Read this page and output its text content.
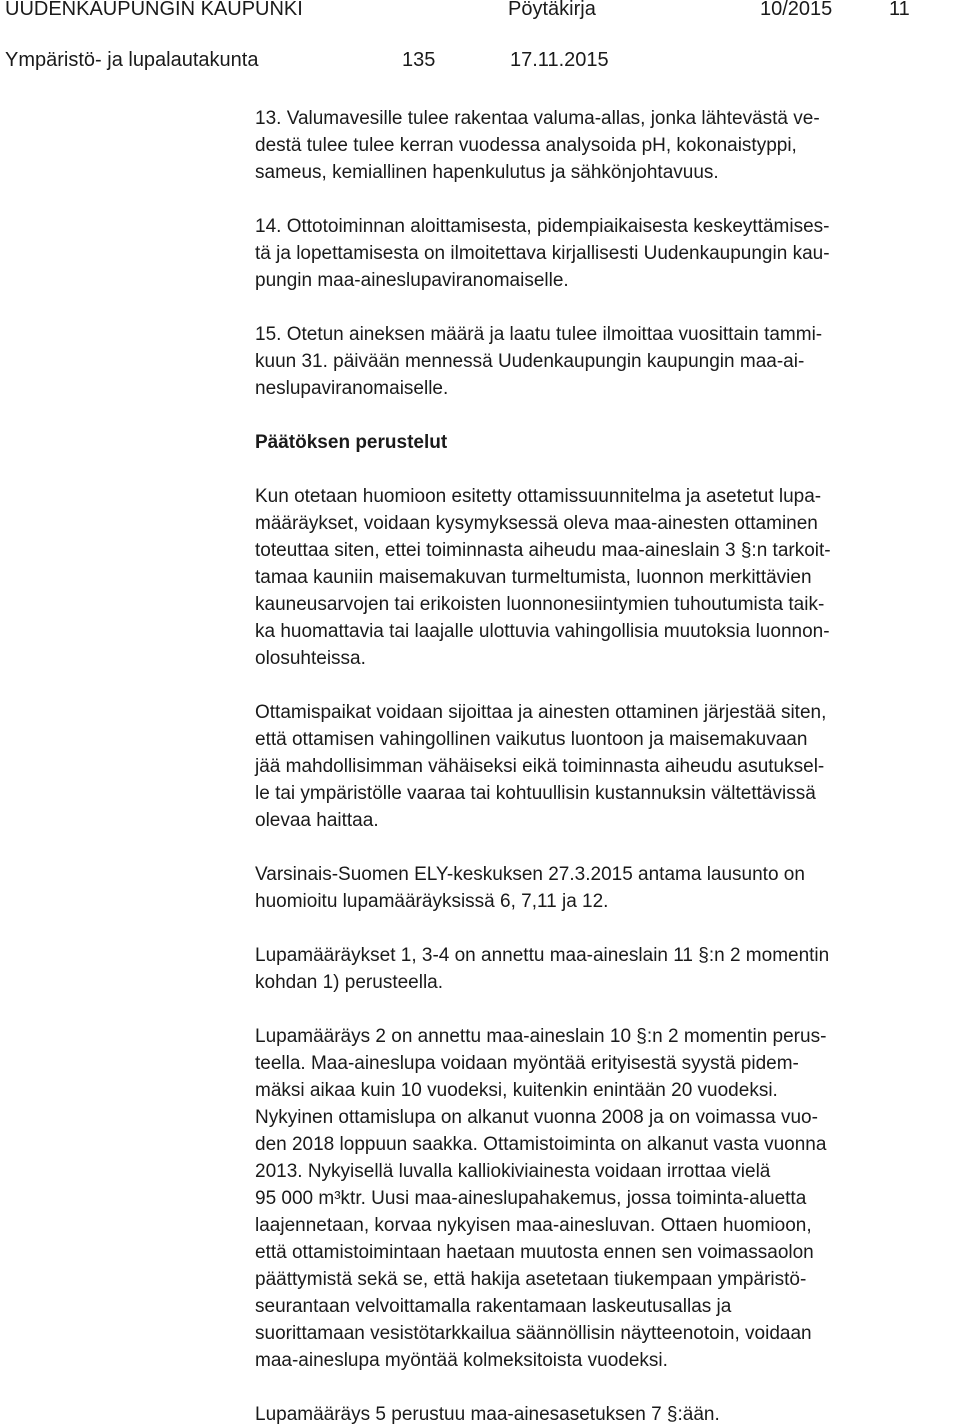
UUDENKAUPUNGIN KAUPUNKI	Pöytäkirja	10/2015	11

Ympäristö- ja lupalautakunta	135	17.11.2015

13. Valumavesille tulee rakentaa valuma-allas, jonka lähtevästä ve-
destä tulee tulee kerran vuodessa analysoida pH, kokonaistyppi,
sameus, kemiallinen hapenkulutus ja sähkönjohtavuus.

14. Ottotoiminnan aloittamisesta, pidempiaikaisesta keskeyttämises-
tä ja lopettamisesta on ilmoitettava kirjallisesti Uudenkaupungin kau-
pungin maa-aineslupaviranomaiselle.

15. Otetun aineksen määrä ja laatu tulee ilmoittaa vuosittain tammi-
kuun 31. päivään mennessä Uudenkaupungin kaupungin maa-ai-
neslupaviranomaiselle.

Päätöksen perustelut

Kun otetaan huomioon esitetty ottamissuunnitelma ja asetetut lupa-
määräykset, voidaan kysymyksessä oleva maa-ainesten ottaminen
toteuttaa siten, ettei toiminnasta aiheudu maa-aineslain 3 §:n tarkoit-
tamaa kauniin maisemakuvan turmeltumista, luonnon merkittävien
kauneusarvojen tai erikoisten luonnonesiintymien tuhoutumista taik-
ka huomattavia tai laajalle ulottuvia vahingollisia muutoksia luonnon-
olosuhteissa.

Ottamispaikat voidaan sijoittaa ja ainesten ottaminen järjestää siten,
että ottamisen vahingollinen vaikutus luontoon ja maisemakuvaan
jää mahdollisimman vähäiseksi eikä toiminnasta aiheudu asutuksel-
le tai ympäristölle vaaraa tai kohtuullisin kustannuksin vältettävissä
olevaa haittaa.

Varsinais-Suomen ELY-keskuksen 27.3.2015 antama lausunto on
huomioitu lupamääräyksissä 6, 7,11 ja 12.

Lupamääräykset 1, 3-4 on annettu maa-aineslain 11 §:n 2 momentin
kohdan 1) perusteella.

Lupamääräys 2 on annettu maa-aineslain 10 §:n 2 momentin perus-
teella. Maa-aineslupa voidaan myöntää erityisestä syystä pidem-
mäksi aikaa kuin 10 vuodeksi, kuitenkin enintään 20 vuodeksi.
Nykyinen ottamislupa on alkanut vuonna 2008 ja on voimassa vuo-
den 2018 loppuun saakka. Ottamistoiminta on alkanut vasta vuonna
2013. Nykyisellä luvalla kalliokiviainesta voidaan irrottaa vielä
95 000 m³ktr. Uusi maa-aineslupahakemus, jossa toiminta-aluetta
laajennetaan, korvaa nykyisen maa-ainesluvan. Ottaen huomioon,
että ottamistoimintaan haetaan muutosta ennen sen voimassaolon
päättymistä sekä se, että hakija asetetaan tiukempaan ympäristö-
seurantaan velvoittamalla rakentamaan laskeutusallas ja
suorittamaan vesistötarkkailua säännöllisin näytteenotoin, voidaan
maa-aineslupa myöntää kolmeksitoista vuodeksi.

Lupamääräys 5 perustuu maa-ainesasetuksen 7 §:ään.
